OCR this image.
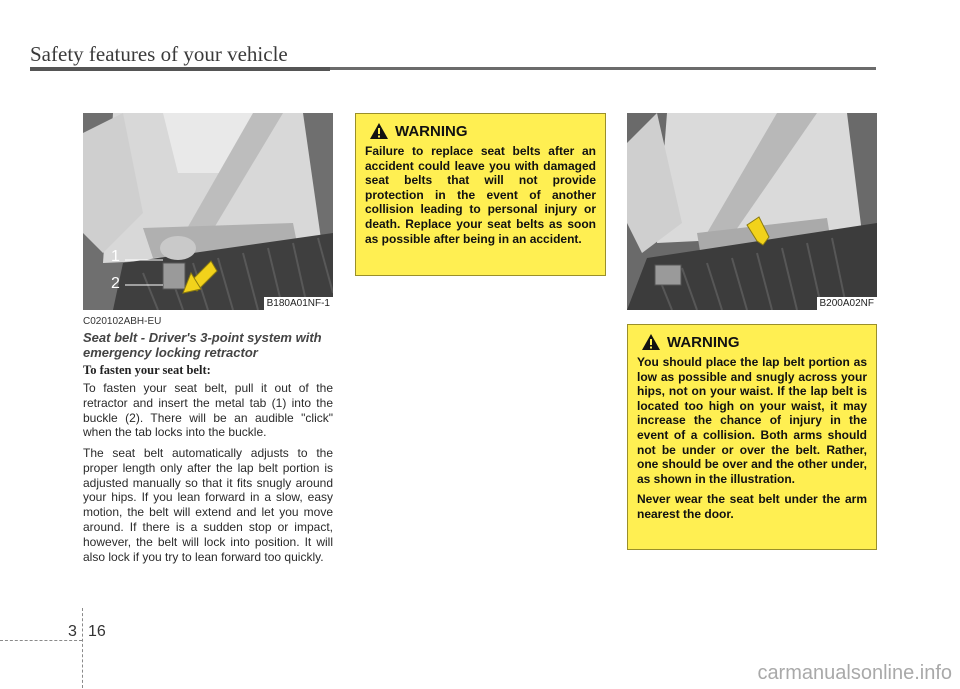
Safety features of your vehicle
1
2
B180A01NF-1	B200A02NF
C020102ABH-EU
Seat belt - Driver's 3-point system with emergency locking retractor
To fasten your seat belt:
To fasten your seat belt, pull it out of the retractor and insert the metal tab (1) into the buckle (2). There will be an audible "click" when the tab locks into the buckle.
The seat belt automatically adjusts to the proper length only after the lap belt portion is adjusted manually so that it fits snugly around your hips. If you lean forward in a slow, easy motion, the belt will extend and let you move around. If there is a sudden stop or impact, however, the belt will lock into position. It will also lock if you try to lean forward too quickly.
WARNING

Failure to replace seat belts after an accident could leave you with damaged seat belts that will not provide protection in the event of another collision leading to personal injury or death. Replace your seat belts as soon as possible after being in an accident.

WARNING

You should place the lap belt portion as low as possible and snugly across your hips, not on your waist. If the lap belt is located too high on your waist, it may increase the chance of injury in the event of a collision. Both arms should not be under or over the belt. Rather, one should be over and the other under, as shown in the illustration.

Never wear the seat belt under the arm nearest the door.

3 16
carmanualsonline.info
